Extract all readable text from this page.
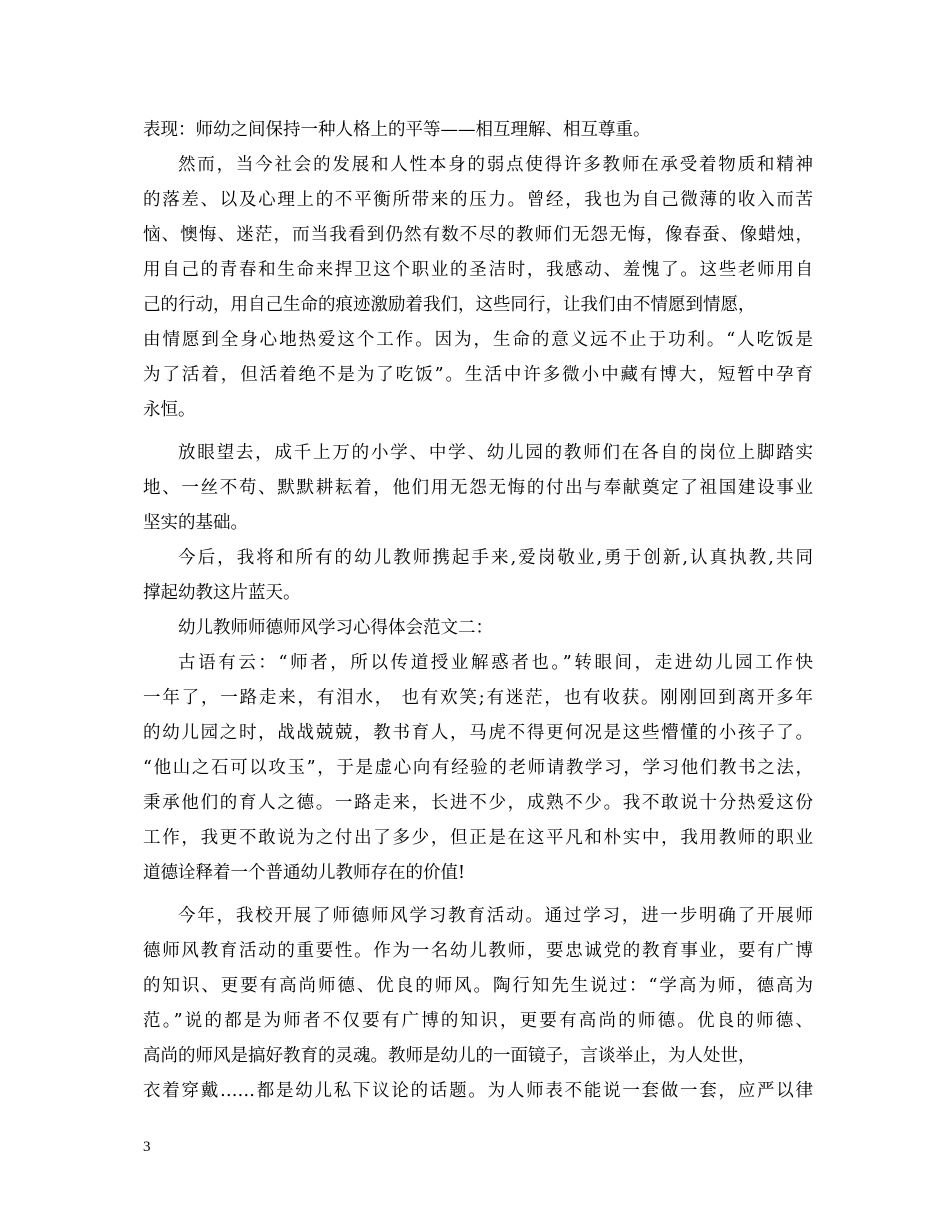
表现：师幼之间保持一种人格上的平等——相互理解、相互尊重。
然而，当今社会的发展和人性本身的弱点使得许多教师在承受着物质和精神
的落差、以及心理上的不平衡所带来的压力。曾经，我也为自己微薄的收入而苦
恼、懊悔、迷茫，而当我看到仍然有数不尽的教师们无怨无悔，像春蚕、像蜡烛，
用自己的青春和生命来捍卫这个职业的圣洁时，我感动、羞愧了。这些老师用自
己的行动，用自己生命的痕迹激励着我们，这些同行，让我们由不情愿到情愿，
由情愿到全身心地热爱这个工作。因为，生命的意义远不止于功利。“人吃饭是
为了活着，但活着绝不是为了吃饭”。生活中许多微小中藏有博大，短暂中孕育
永恒。
放眼望去，成千上万的小学、中学、幼儿园的教师们在各自的岗位上脚踏实
地、一丝不苟、默默耕耘着，他们用无怨无悔的付出与奉献奠定了祖国建设事业
坚实的基础。
今后，我将和所有的幼儿教师携起手来,爱岗敬业,勇于创新,认真执教,共同
撑起幼教这片蓝天。
幼儿教师师德师风学习心得体会范文二：
古语有云：“师者，所以传道授业解惑者也。”转眼间，走进幼儿园工作快
一年了，一路走来，有泪水， 也有欢笑;有迷茫，也有收获。刚刚回到离开多年
的幼儿园之时，战战兢兢，教书育人，马虎不得更何况是这些懵懂的小孩子了。
“他山之石可以攻玉”，于是虚心向有经验的老师请教学习，学习他们教书之法，
秉承他们的育人之德。一路走来，长进不少，成熟不少。我不敢说十分热爱这份
工作，我更不敢说为之付出了多少，但正是在这平凡和朴实中，我用教师的职业
道德诠释着一个普通幼儿教师存在的价值!
今年，我校开展了师德师风学习教育活动。通过学习，进一步明确了开展师
德师风教育活动的重要性。作为一名幼儿教师，要忠诚党的教育事业，要有广博
的知识、更要有高尚师德、优良的师风。陶行知先生说过：“学高为师，德高为
范。”说的都是为师者不仅要有广博的知识，更要有高尚的师德。优良的师德、
高尚的师风是搞好教育的灵魂。教师是幼儿的一面镜子，言谈举止，为人处世，
衣着穿戴……都是幼儿私下议论的话题。为人师表不能说一套做一套，应严以律
3
